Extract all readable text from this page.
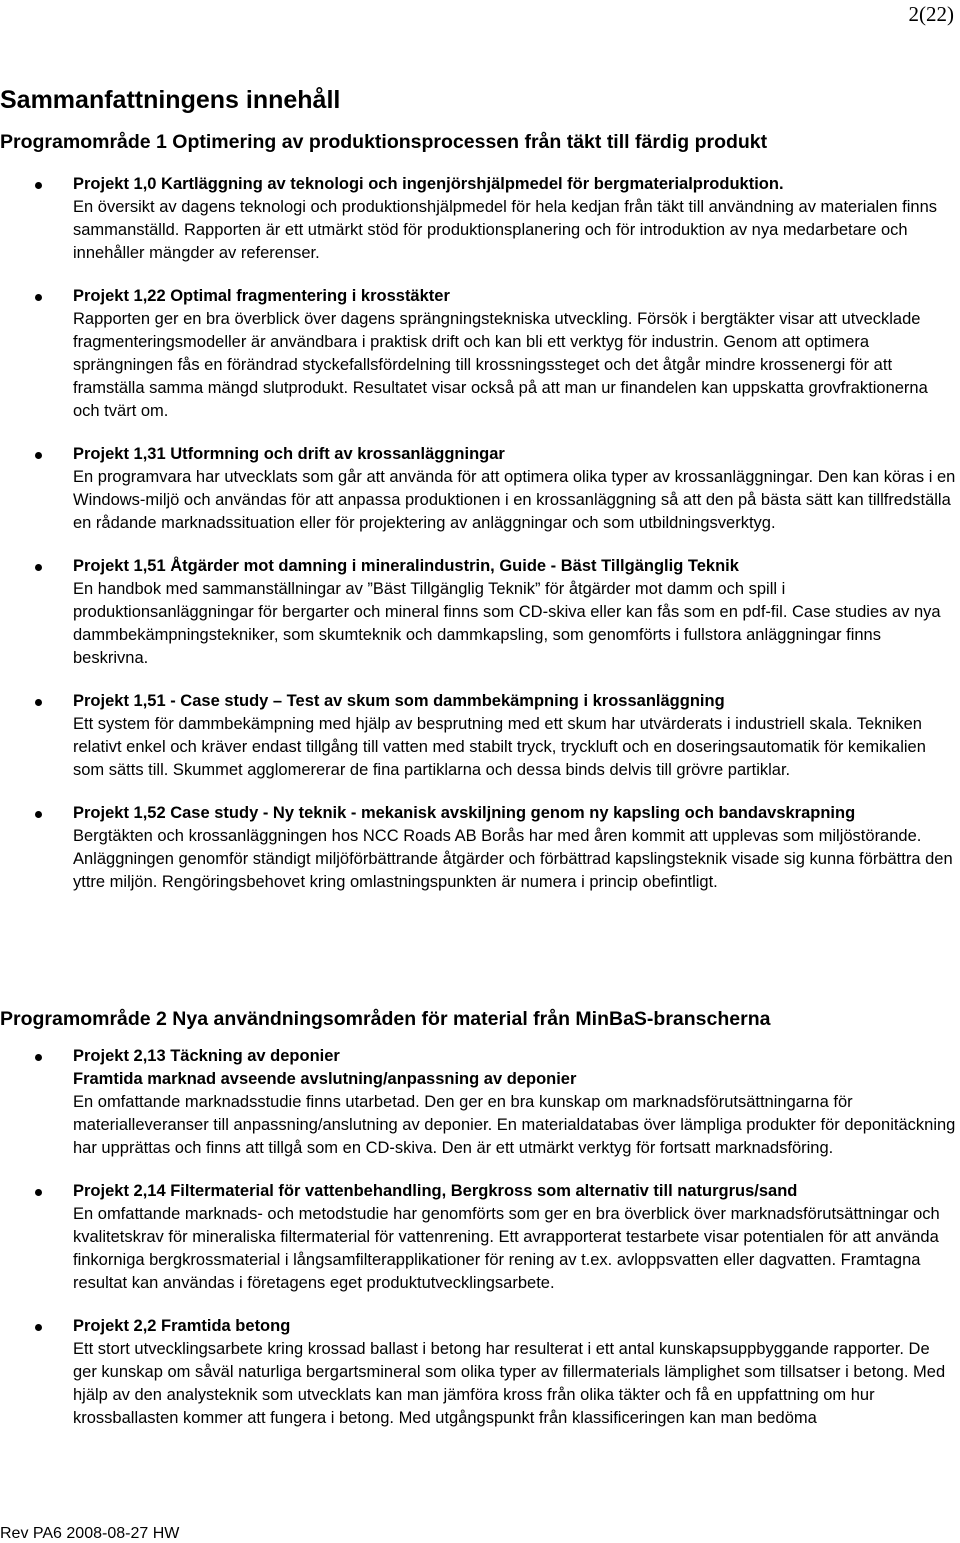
2(22)
Sammanfattningens innehåll
Programområde 1 Optimering av produktionsprocessen från täkt till färdig produkt
Projekt 1,0 Kartläggning av teknologi och ingenjörshjälpmedel för bergmaterialproduktion.
En översikt av dagens teknologi och produktionshjälpmedel för hela kedjan från täkt till användning av materialen finns sammanställd. Rapporten är ett utmärkt stöd för produktionsplanering och för introduktion av nya medarbetare och innehåller mängder av referenser.
Projekt 1,22 Optimal fragmentering i krosstäkter
Rapporten ger en bra överblick över dagens sprängningstekniska utveckling. Försök i bergtäkter visar att utvecklade fragmenteringsmodeller är användbara i praktisk drift och kan bli ett verktyg för industrin. Genom att optimera sprängningen fås en förändrad styckefallsfördelning till krossningssteget och det åtgår mindre krossenergi för att framställa samma mängd slutprodukt. Resultatet visar också på att man ur finandelen kan uppskatta grovfraktionerna och tvärt om.
Projekt 1,31 Utformning och drift av krossanläggningar
En programvara har utvecklats som går att använda för att optimera olika typer av krossanläggningar. Den kan köras i en Windows-miljö och användas för att anpassa produktionen i en krossanläggning så att den på bästa sätt kan tillfredställa en rådande marknadssituation eller för projektering av anläggningar och som utbildningsverktyg.
Projekt 1,51 Åtgärder mot damning i mineralindustrin, Guide - Bäst Tillgänglig Teknik
En handbok med sammanställningar av ”Bäst Tillgänglig Teknik” för åtgärder mot damm och spill i produktionsanläggningar för bergarter och mineral finns som CD-skiva eller kan fås som en pdf-fil. Case studies av nya dammbekämpningstekniker, som skumteknik och dammkapsling, som genomförts i fullstora anläggningar finns beskrivna.
Projekt 1,51 - Case study – Test av skum som dammbekämpning i krossanläggning
Ett system för dammbekämpning med hjälp av besprutning med ett skum har utvärderats i industriell skala. Tekniken relativt enkel och kräver endast tillgång till vatten med stabilt tryck, tryckluft och en doseringsautomatik för kemikalien som sätts till. Skummet agglomererar de fina partiklarna och dessa binds delvis till grövre partiklar.
Projekt 1,52 Case study - Ny teknik - mekanisk avskiljning genom ny kapsling och bandavskrapning
Bergtäkten och krossanläggningen hos NCC Roads AB Borås har med åren kommit att upplevas som miljöstörande. Anläggningen genomför ständigt miljöförbättrande åtgärder och förbättrad kapslingsteknik visade sig kunna förbättra den yttre miljön. Rengöringsbehovet kring omlastningspunkten är numera i princip obefintligt.
Programområde 2 Nya användningsområden för material från MinBaS-branscherna
Projekt 2,13 Täckning av deponier
Framtida marknad avseende avslutning/anpassning av deponier
En omfattande marknadsstudie finns utarbetad. Den ger en bra kunskap om marknadsförutsättningarna för materialleveranser till anpassning/anslutning av deponier. En materialdatabas över lämpliga produkter för deponitäckning har upprättas och finns att tillgå som en CD-skiva. Den är ett utmärkt verktyg för fortsatt marknadsföring.
Projekt 2,14 Filtermaterial för vattenbehandling, Bergkross som alternativ till naturgrus/sand
En omfattande marknads- och metodstudie har genomförts som ger en bra överblick över marknadsförutsättningar och kvalitetskrav för mineraliska filtermaterial för vattenrening. Ett avrapporterat testarbete visar potentialen för att använda finkorniga bergkrossmaterial i långsamfilterapplikationer för rening av t.ex. avloppsvatten eller dagvatten. Framtagna resultat kan användas i företagens eget produktutvecklingsarbete.
Projekt 2,2 Framtida betong
Ett stort utvecklingsarbete kring krossad ballast i betong har resulterat i ett antal kunskapsuppbyggande rapporter. De ger kunskap om såväl naturliga bergartsmineral som olika typer av fillermaterials lämplighet som tillsatser i betong. Med hjälp av den analysteknik som utvecklats kan man jämföra kross från olika täkter och få en uppfattning om hur krossballasten kommer att fungera i betong. Med utgångspunkt från klassificeringen kan man bedöma
Rev PA6 2008-08-27 HW
